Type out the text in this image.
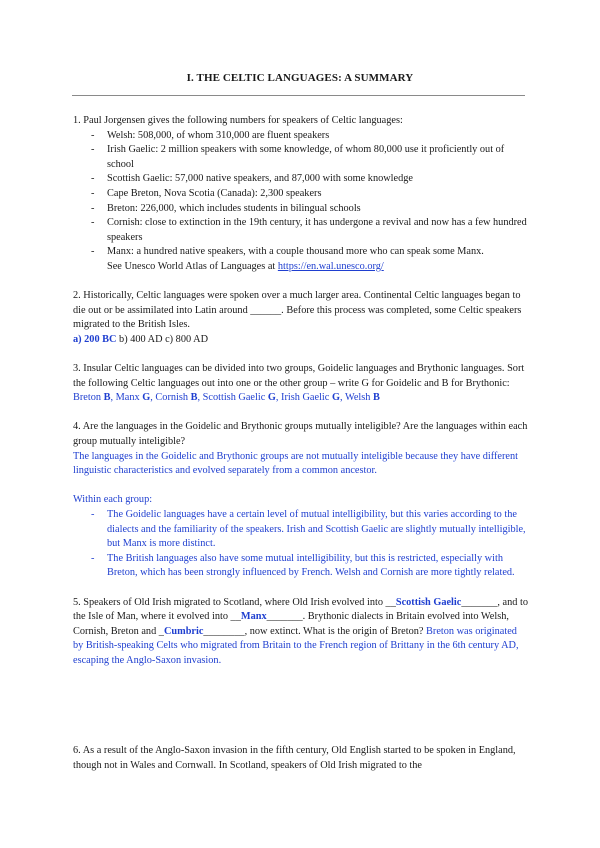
I. THE CELTIC LANGUAGES: A SUMMARY

1. Paul Jorgensen gives the following numbers for speakers of Celtic languages:

- Welsh: 508,000, of whom 310,000 are fluent speakers
- Irish Gaelic: 2 million speakers with some knowledge, of whom 80,000 use it proficiently out of school
- Scottish Gaelic: 57,000 native speakers, and 87,000 with some knowledge
- Cape Breton, Nova Scotia (Canada): 2,300 speakers
- Breton: 226,000, which includes students in bilingual schools
- Cornish: close to extinction in the 19th century, it has undergone a revival and now has a few hundred speakers
- Manx: a hundred native speakers, with a couple thousand more who can speak some Manx.
See Unesco World Atlas of Languages at https://en.wal.unesco.org/

2. Historically, Celtic languages were spoken over a much larger area. Continental Celtic languages began to die out or be assimilated into Latin around ______. Before this process was completed, some Celtic speakers migrated to the British Isles.

a) 200 BC b) 400 AD c) 800 AD

3. Insular Celtic languages can be divided into two groups, Goidelic languages and Brythonic languages. Sort the following Celtic languages out into one or the other group – write G for Goidelic and B for Brythonic:

Breton B, Manx G, Cornish B, Scottish Gaelic G, Irish Gaelic G, Welsh B

4. Are the languages in the Goidelic and Brythonic groups mutually inteligible? Are the languages within each group mutually inteligible?

The languages in the Goidelic and Brythonic groups are not mutually inteligible because they have different linguistic characteristics and evolved separately from a common ancestor.

Within each group:

- The Goidelic languages have a certain level of mutual intelligibility, but this varies according to the dialects and the familiarity of the speakers. Irish and Scottish Gaelic are slightly mutually intelligible, but Manx is more distinct.
- The British languages also have some mutual intelligibility, but this is restricted, especially with Breton, which has been strongly influenced by French. Welsh and Cornish are more tightly related.

5. Speakers of Old Irish migrated to Scotland, where Old Irish evolved into __Scottish Gaelic_______, and to the Isle of Man, where it evolved into __Manx_______. Brythonic dialects in Britain evolved into Welsh, Cornish, Breton and _Cumbric________, now extinct. What is the origin of Breton? Breton was originated by British-speaking Celts who migrated from Britain to the French region of Brittany in the 6th century AD, escaping the Anglo-Saxon invasion.

6. As a result of the Anglo-Saxon invasion in the fifth century, Old English started to be spoken in England, though not in Wales and Cornwall. In Scotland, speakers of Old Irish migrated to the
